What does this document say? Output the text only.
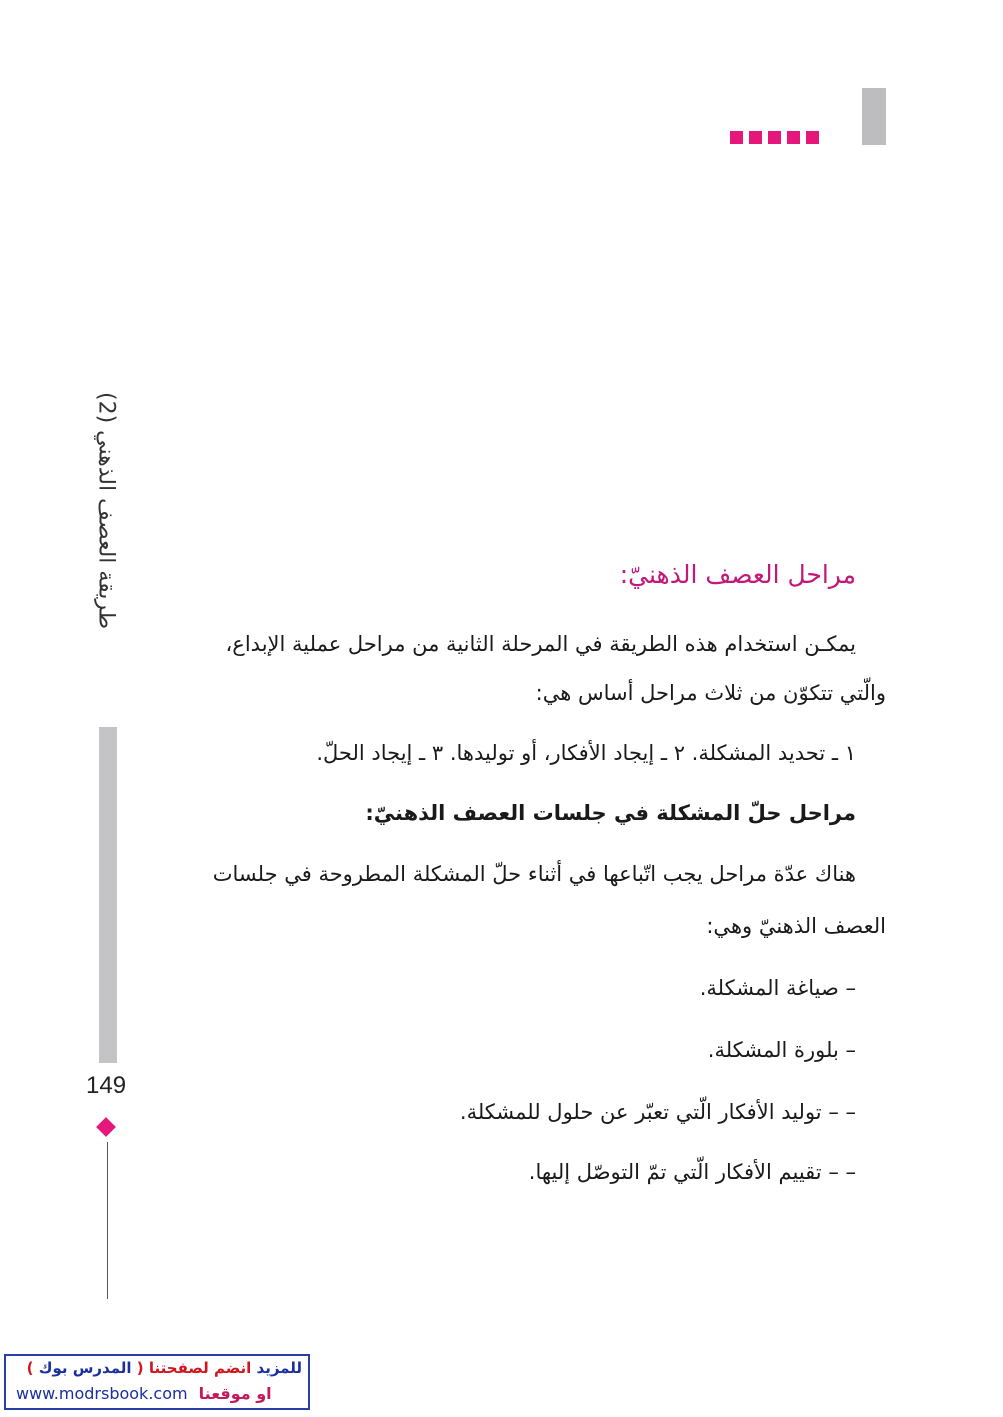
طريقة العصف الذهني (2)
149
مراحل العصف الذهنيّ:
يمكـن استخدام هذه الطريقة في المرحلة الثانية من مراحل عملية الإبداع،
والّتي تتكوّن من ثلاث مراحل أساس هي:
١ ـ تحديد المشكلة. ٢ ـ إيجاد الأفكار، أو توليدها. ٣ ـ إيجاد الحلّ.
مراحل حلّ المشكلة في جلسات العصف الذهنيّ:
هناك عدّة مراحل يجب اتّباعها في أثناء حلّ المشكلة المطروحة في جلسات
العصف الذهنيّ وهي:
– صياغة المشكلة.
– بلورة المشكلة.
– – توليد الأفكار الّتي تعبّر عن حلول للمشكلة.
– – تقييم الأفكار الّتي تمّ التوصّل إليها.
للمزيد انضم لصفحتنا ( المدرس بوك )
www.modrsbook.com او موقعنا
